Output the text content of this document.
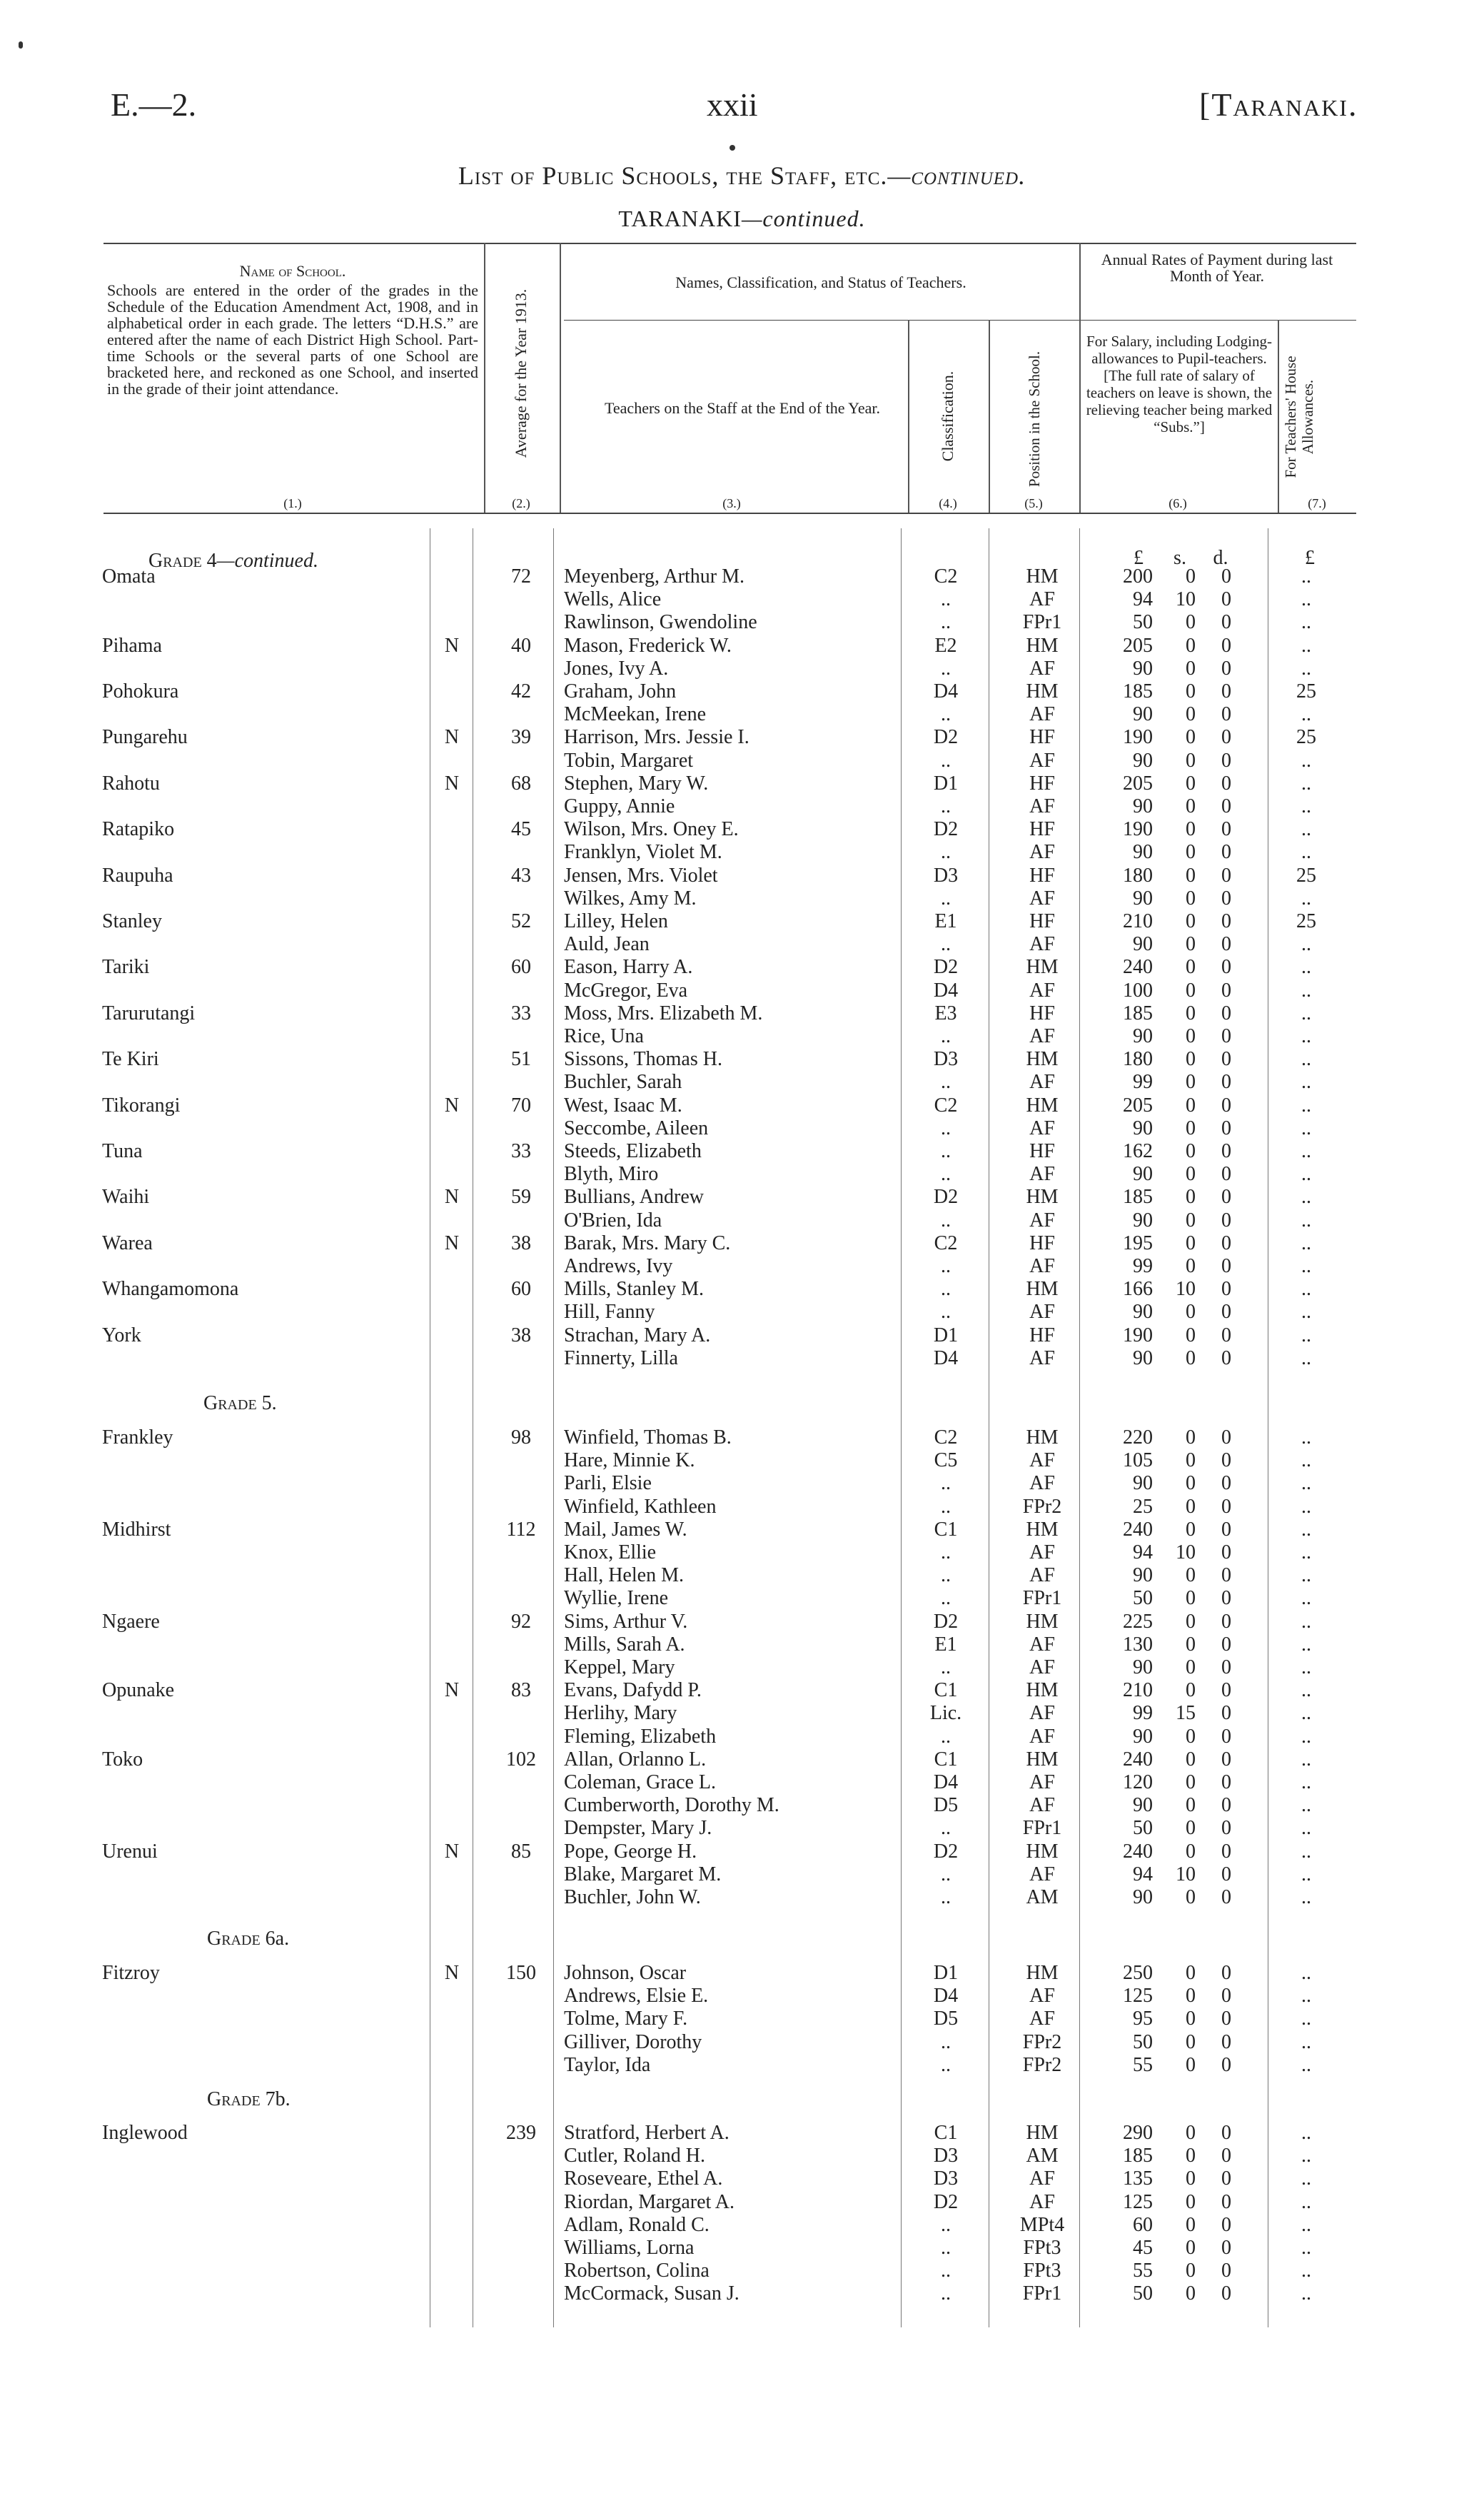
E.—2.	xxii	[Taranaki.
List of Public Schools, the Staff, etc.—continued.
TARANAKI—continued.
Name of School.
Schools are entered in the order of the grades in the Schedule of the Education Amendment Act, 1908, and in alphabetical order in each grade. The letters “D.H.S.” are entered after the name of each District High School. Part-time Schools or the several parts of one School are bracketed here, and reckoned as one School, and inserted in the grade of their joint attendance.	Average for the Year 1913.
Names, Classification, and Status of Teachers.
Teachers on the Staff at the End of the Year.	Classification.	Position in the School.
Annual Rates of Payment during last Month of Year.
For Salary, including Lodging-allowances to Pupil-teachers. [The full rate of salary of teachers on leave is shown, the relieving teacher being marked “Subs.”]	For Teachers' House Allowances.
(1.)	(2.)	(3.)	(4.)	(5.)	(6.)	(7.)
£	s.	d.	£
Grade 4—continued.
Grade 5.
Grade 6a.
Grade 7b.
Omata	72	Meyenberg, Arthur M.	C2	HM	200	0	0	..
Wells, Alice	..	AF	94	10	0	..
Rawlinson, Gwendoline	..	FPr1	50	0	0	..
Pihama	N	40	Mason, Frederick W.	E2	HM	205	0	0	..
Jones, Ivy A.	..	AF	90	0	0	..
Pohokura	42	Graham, John	D4	HM	185	0	0	25
McMeekan, Irene	..	AF	90	0	0	..
Pungarehu	N	39	Harrison, Mrs. Jessie I.	D2	HF	190	0	0	25
Tobin, Margaret	..	AF	90	0	0	..
Rahotu	N	68	Stephen, Mary W.	D1	HF	205	0	0	..
Guppy, Annie	..	AF	90	0	0	..
Ratapiko	45	Wilson, Mrs. Oney E.	D2	HF	190	0	0	..
Franklyn, Violet M.	..	AF	90	0	0	..
Raupuha	43	Jensen, Mrs. Violet	D3	HF	180	0	0	25
Wilkes, Amy M.	..	AF	90	0	0	..
Stanley	52	Lilley, Helen	E1	HF	210	0	0	25
Auld, Jean	..	AF	90	0	0	..
Tariki	60	Eason, Harry A.	D2	HM	240	0	0	..
McGregor, Eva	D4	AF	100	0	0	..
Tarurutangi	33	Moss, Mrs. Elizabeth M.	E3	HF	185	0	0	..
Rice, Una	..	AF	90	0	0	..
Te Kiri	51	Sissons, Thomas H.	D3	HM	180	0	0	..
Buchler, Sarah	..	AF	99	0	0	..
Tikorangi	N	70	West, Isaac M.	C2	HM	205	0	0	..
Seccombe, Aileen	..	AF	90	0	0	..
Tuna	33	Steeds, Elizabeth	..	HF	162	0	0	..
Blyth, Miro	..	AF	90	0	0	..
Waihi	N	59	Bullians, Andrew	D2	HM	185	0	0	..
O'Brien, Ida	..	AF	90	0	0	..
Warea	N	38	Barak, Mrs. Mary C.	C2	HF	195	0	0	..
Andrews, Ivy	..	AF	99	0	0	..
Whangamomona	60	Mills, Stanley M.	..	HM	166	10	0	..
Hill, Fanny	..	AF	90	0	0	..
York	38	Strachan, Mary A.	D1	HF	190	0	0	..
Finnerty, Lilla	D4	AF	90	0	0	..
Frankley	98	Winfield, Thomas B.	C2	HM	220	0	0	..
Hare, Minnie K.	C5	AF	105	0	0	..
Parli, Elsie	..	AF	90	0	0	..
Winfield, Kathleen	..	FPr2	25	0	0	..
Midhirst	112	Mail, James W.	C1	HM	240	0	0	..
Knox, Ellie	..	AF	94	10	0	..
Hall, Helen M.	..	AF	90	0	0	..
Wyllie, Irene	..	FPr1	50	0	0	..
Ngaere	92	Sims, Arthur V.	D2	HM	225	0	0	..
Mills, Sarah A.	E1	AF	130	0	0	..
Keppel, Mary	..	AF	90	0	0	..
Opunake	N	83	Evans, Dafydd P.	C1	HM	210	0	0	..
Herlihy, Mary	Lic.	AF	99	15	0	..
Fleming, Elizabeth	..	AF	90	0	0	..
Toko	102	Allan, Orlanno L.	C1	HM	240	0	0	..
Coleman, Grace L.	D4	AF	120	0	0	..
Cumberworth, Dorothy M.	D5	AF	90	0	0	..
Dempster, Mary J.	..	FPr1	50	0	0	..
Urenui	N	85	Pope, George H.	D2	HM	240	0	0	..
Blake, Margaret M.	..	AF	94	10	0	..
Buchler, John W.	..	AM	90	0	0	..
Fitzroy	N	150	Johnson, Oscar	D1	HM	250	0	0	..
Andrews, Elsie E.	D4	AF	125	0	0	..
Tolme, Mary F.	D5	AF	95	0	0	..
Gilliver, Dorothy	..	FPr2	50	0	0	..
Taylor, Ida	..	FPr2	55	0	0	..
Inglewood	239	Stratford, Herbert A.	C1	HM	290	0	0	..
Cutler, Roland H.	D3	AM	185	0	0	..
Roseveare, Ethel A.	D3	AF	135	0	0	..
Riordan, Margaret A.	D2	AF	125	0	0	..
Adlam, Ronald C.	..	MPt4	60	0	0	..
Williams, Lorna	..	FPt3	45	0	0	..
Robertson, Colina	..	FPt3	55	0	0	..
McCormack, Susan J.	..	FPr1	50	0	0	..
